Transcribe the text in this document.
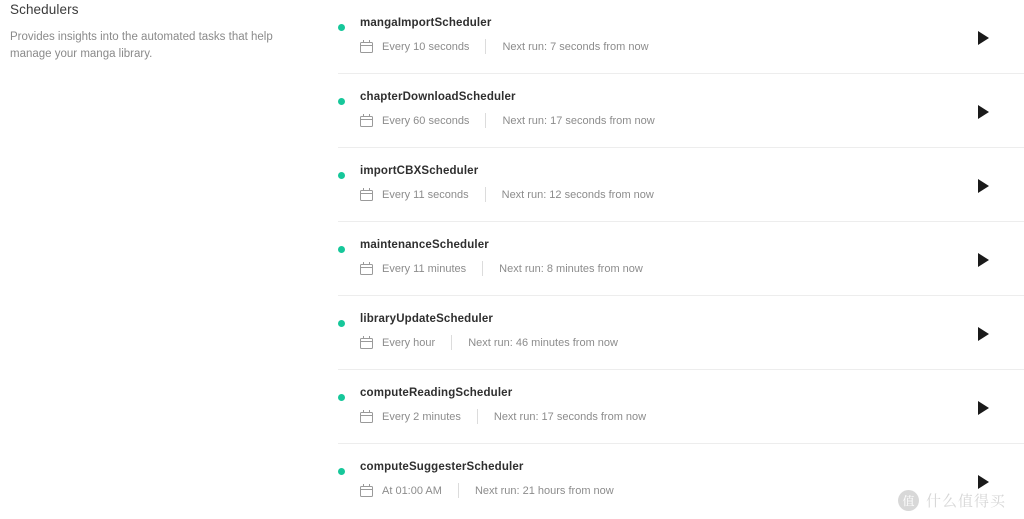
Schedulers
Provides insights into the automated tasks that help manage your manga library.
mangaImportScheduler
Every 10 seconds	Next run: 7 seconds from now
chapterDownloadScheduler
Every 60 seconds	Next run: 17 seconds from now
importCBXScheduler
Every 11 seconds	Next run: 12 seconds from now
maintenanceScheduler
Every 11 minutes	Next run: 8 minutes from now
libraryUpdateScheduler
Every hour	Next run: 46 minutes from now
computeReadingScheduler
Every 2 minutes	Next run: 17 seconds from now
computeSuggesterScheduler
At 01:00 AM	Next run: 21 hours from now
值 什么值得买
